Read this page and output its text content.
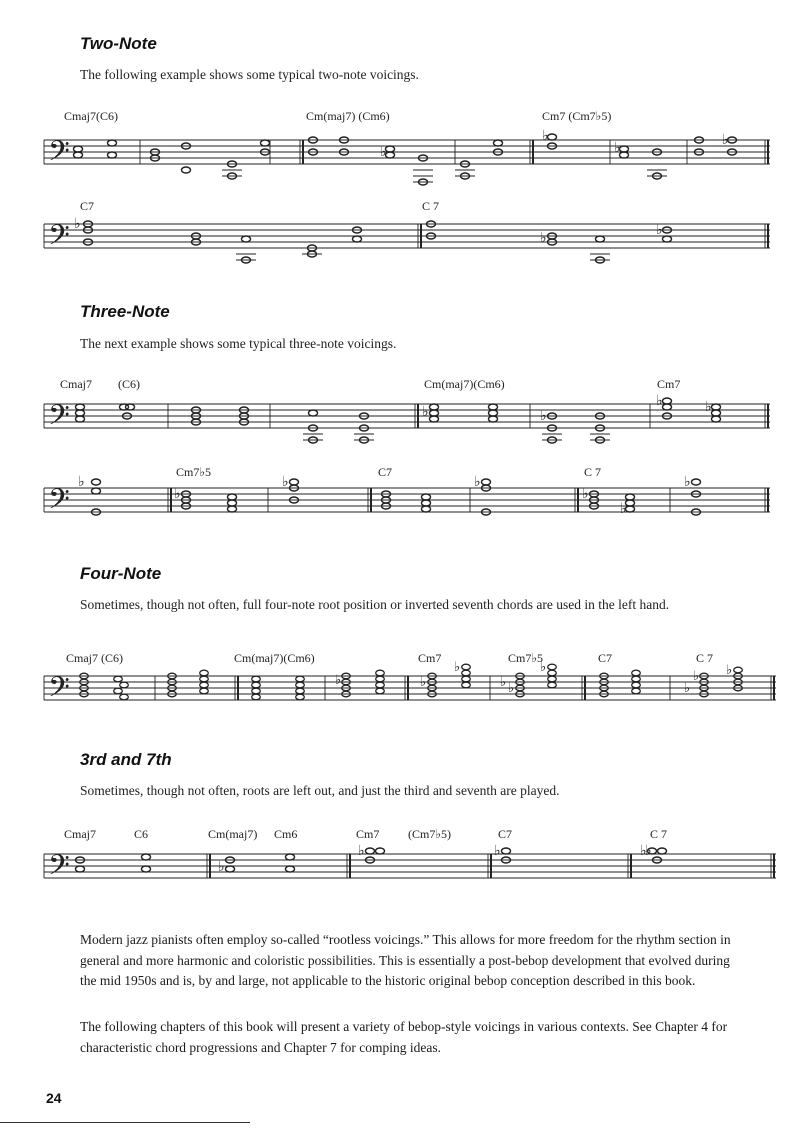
Two-Note

The following example shows some typical two-note voicings.

𝄢	♭
♭
♭
♭
Cmaj7(C6)	Cm(maj7) (Cm6)	Cm7 (Cm7♭5)
𝄢 ♭
♭
♭
C7	C 7
Three-Note

The next example shows some typical three-note voicings.

𝄢	♭	♭
♭	♭
Cmaj7 (C6)	Cm(maj7)(Cm6)	Cm7
𝄢
♭
♭
♭	♭
♭
♭
♭
Cm7♭5	C7	C 7
Four-Note

Sometimes, though not often, full four-note root position or inverted seventh chords are used in the left hand.

𝄢	♭	♭
♭
♭ ♭
♭
♭
♭ ♭
Cmaj7 (C6)	Cm(maj7)(Cm6)	Cm7	Cm7♭5	C7	C 7
3rd and 7th

Sometimes, though not often, roots are left out, and just the third and seventh are played.

𝄢	♭
♭	♭	♭
♭
Cmaj7	C6	Cm(maj7) Cm6	Cm7 (Cm7♭5)	C7	C 7

Modern jazz pianists often employ so-called “rootless voicings.” This allows for more freedom for the rhythm section in general and more harmonic and coloristic possibilities. This is essentially a post-bebop development that evolved during the mid 1950s and is, by and large, not applicable to the historic original bebop conception described in this book.

The following chapters of this book will present a variety of bebop-style voicings in various contexts. See Chapter 4 for characteristic chord progressions and Chapter 7 for comping ideas.

24
